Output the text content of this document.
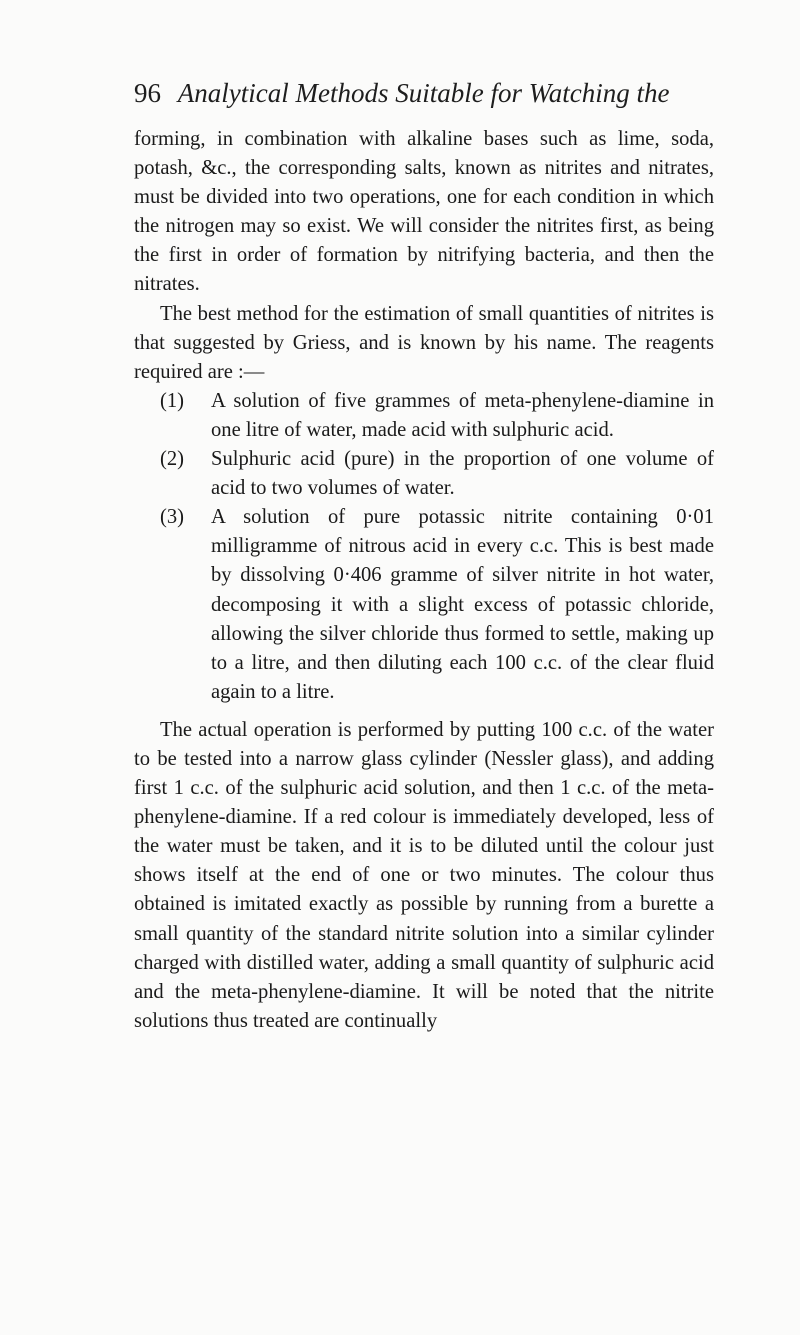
96 Analytical Methods Suitable for Watching the

forming, in combination with alkaline bases such as lime, soda, potash, &c., the corresponding salts, known as nitrites and nitrates, must be divided into two operations, one for each condition in which the nitrogen may so exist. We will consider the nitrites first, as being the first in order of formation by nitrifying bacteria, and then the nitrates.

The best method for the estimation of small quantities of nitrites is that suggested by Griess, and is known by his name. The reagents required are :—

(1) A solution of five grammes of meta-phenylene-diamine in one litre of water, made acid with sulphuric acid.
(2) Sulphuric acid (pure) in the proportion of one volume of acid to two volumes of water.
(3) A solution of pure potassic nitrite containing 0·01 milligramme of nitrous acid in every c.c. This is best made by dissolving 0·406 gramme of silver nitrite in hot water, decomposing it with a slight excess of potassic chloride, allowing the silver chloride thus formed to settle, making up to a litre, and then diluting each 100 c.c. of the clear fluid again to a litre.

The actual operation is performed by putting 100 c.c. of the water to be tested into a narrow glass cylinder (Nessler glass), and adding first 1 c.c. of the sulphuric acid solution, and then 1 c.c. of the meta-phenylene-diamine. If a red colour is immediately developed, less of the water must be taken, and it is to be diluted until the colour just shows itself at the end of one or two minutes. The colour thus obtained is imitated exactly as possible by running from a burette a small quantity of the standard nitrite solution into a similar cylinder charged with distilled water, adding a small quantity of sulphuric acid and the meta-phenylene-diamine. It will be noted that the nitrite solutions thus treated are continually
